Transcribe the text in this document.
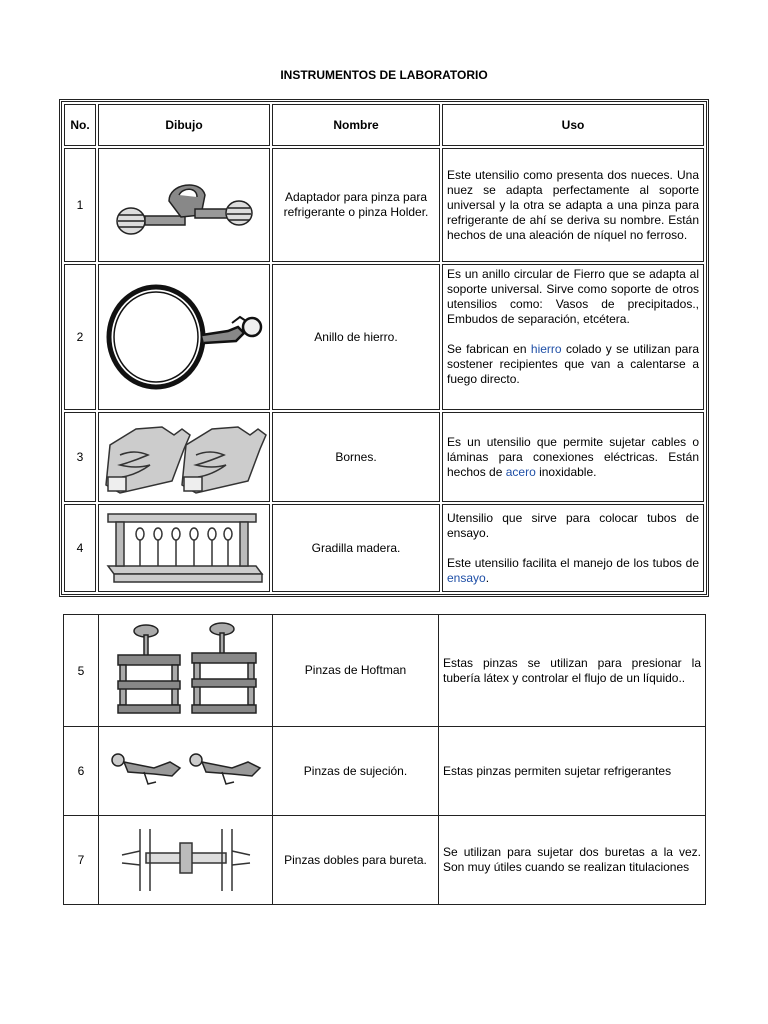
INSTRUMENTOS DE LABORATORIO
No.	Dibujo	Nombre	Uso
1		Adaptador para pinza para refrigerante o pinza Holder.	Este utensilio como presenta dos nueces. Una nuez se adapta perfectamente al soporte universal y la otra se adapta a una pinza para refrigerante de ahí se deriva su nombre. Están hechos de una aleación de níquel no ferroso.

2		Anillo de hierro.	Es un anillo circular de Fierro que se adapta al soporte universal. Sirve como soporte de otros utensilios como: Vasos de precipitados., Embudos de separación, etcétera.

Se fabrican en hierro colado y se utilizan para sostener recipientes que van a calentarse a fuego directo.

3		Bornes.	Es un utensilio que permite sujetar cables o láminas para conexiones eléctricas. Están hechos de acero inoxidable.

4		Gradilla madera.	Utensilio que sirve para colocar tubos de ensayo.

Este utensilio facilita el manejo de los tubos de ensayo.

5		Pinzas de Hoftman	Estas pinzas se utilizan para presionar la tubería látex y controlar el flujo de un líquido..
6		Pinzas de sujeción.	Estas pinzas permiten sujetar refrigerantes
7		Pinzas dobles para bureta.	Se utilizan para sujetar dos buretas a la vez. Son muy útiles cuando se realizan titulaciones
